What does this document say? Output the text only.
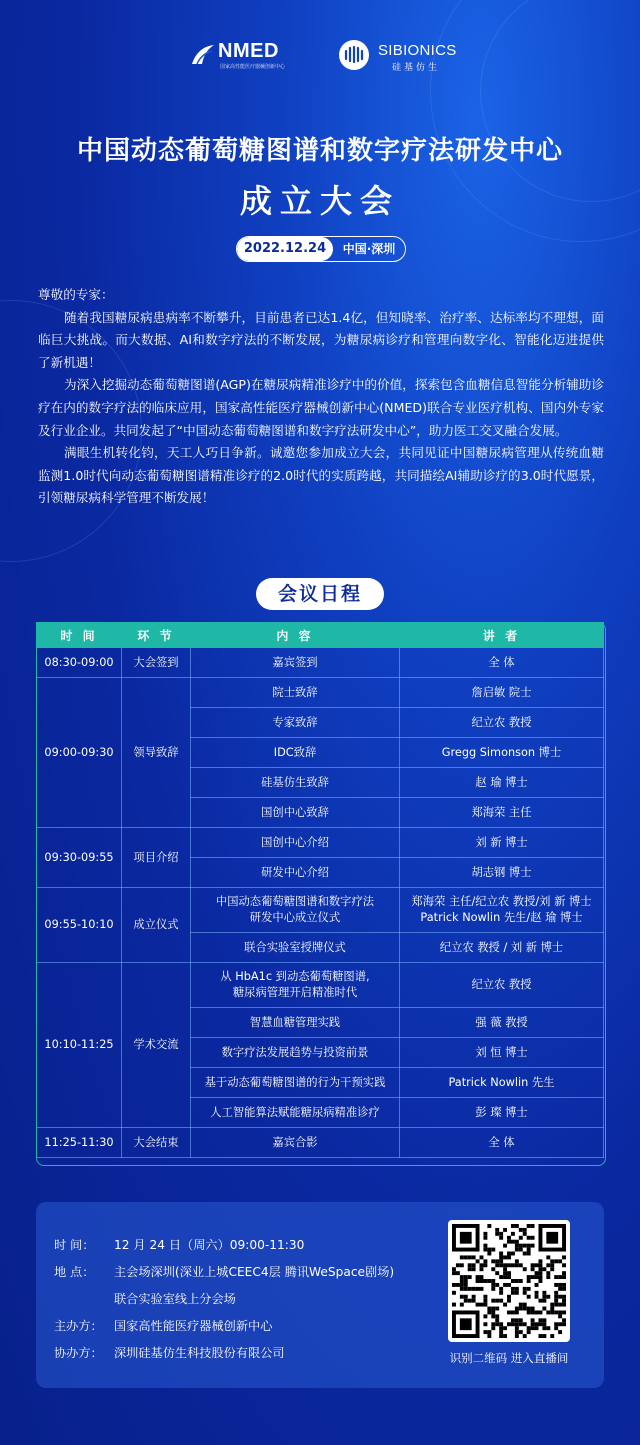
NMED
国家高性能医疗器械创新中心
SIBIONICS
硅基仿生
中国动态葡萄糖图谱和数字疗法研发中心
成立大会
2022.12.24	中国·深圳

尊敬的专家：

随着我国糖尿病患病率不断攀升，目前患者已达1.4亿，但知晓率、治疗率、达标率均不理想，面临巨大挑战。而大数据、AI和数字疗法的不断发展，为糖尿病诊疗和管理向数字化、智能化迈进提供了新机遇！

为深入挖掘动态葡萄糖图谱(AGP)在糖尿病精准诊疗中的价值，探索包含血糖信息智能分析辅助诊疗在内的数字疗法的临床应用，国家高性能医疗器械创新中心(NMED)联合专业医疗机构、国内外专家及行业企业。共同发起了“中国动态葡萄糖图谱和数字疗法研发中心”，助力医工交叉融合发展。

满眼生机转化钧，天工人巧日争新。诚邀您参加成立大会，共同见证中国糖尿病管理从传统血糖监测1.0时代向动态葡萄糖图谱精准诊疗的2.0时代的实质跨越，共同描绘AI辅助诊疗的3.0时代愿景，引领糖尿病科学管理不断发展！

会议日程
时 间	环 节	内 容	讲 者
08:30-09:00	大会签到	嘉宾签到	全 体
09:00-09:30	领导致辞	院士致辞	詹启敏 院士
		专家致辞	纪立农 教授
		IDC致辞	Gregg Simonson 博士
		硅基仿生致辞	赵 瑜 博士
		国创中心致辞	郑海荣 主任
09:30-09:55	项目介绍	国创中心介绍	刘 新 博士
		研发中心介绍	胡志钢 博士
09:55-10:10	成立仪式	中国动态葡萄糖图谱和数字疗法
研发中心成立仪式	郑海荣 主任/纪立农 教授/刘 新 博士
Patrick Nowlin 先生/赵 瑜 博士
		联合实验室授牌仪式	纪立农 教授 / 刘 新 博士
10:10-11:25	学术交流	从 HbA1c 到动态葡萄糖图谱,
糖尿病管理开启精准时代	纪立农 教授
		智慧血糖管理实践	强 薇 教授
		数字疗法发展趋势与投资前景	刘 恒 博士
		基于动态葡萄糖图谱的行为干预实践	Patrick Nowlin 先生
		人工智能算法赋能糖尿病精准诊疗	彭 璨 博士
11:25-11:30	大会结束	嘉宾合影	全 体
时 间： 12 月 24 日（周六）09:00-11:30
地 点： 主会场深圳(深业上城CEEC4层 腾讯WeSpace剧场)
联合实验室线上分会场
主办方： 国家高性能医疗器械创新中心
协办方： 深圳硅基仿生科技股份有限公司	识别二维码 进入直播间
